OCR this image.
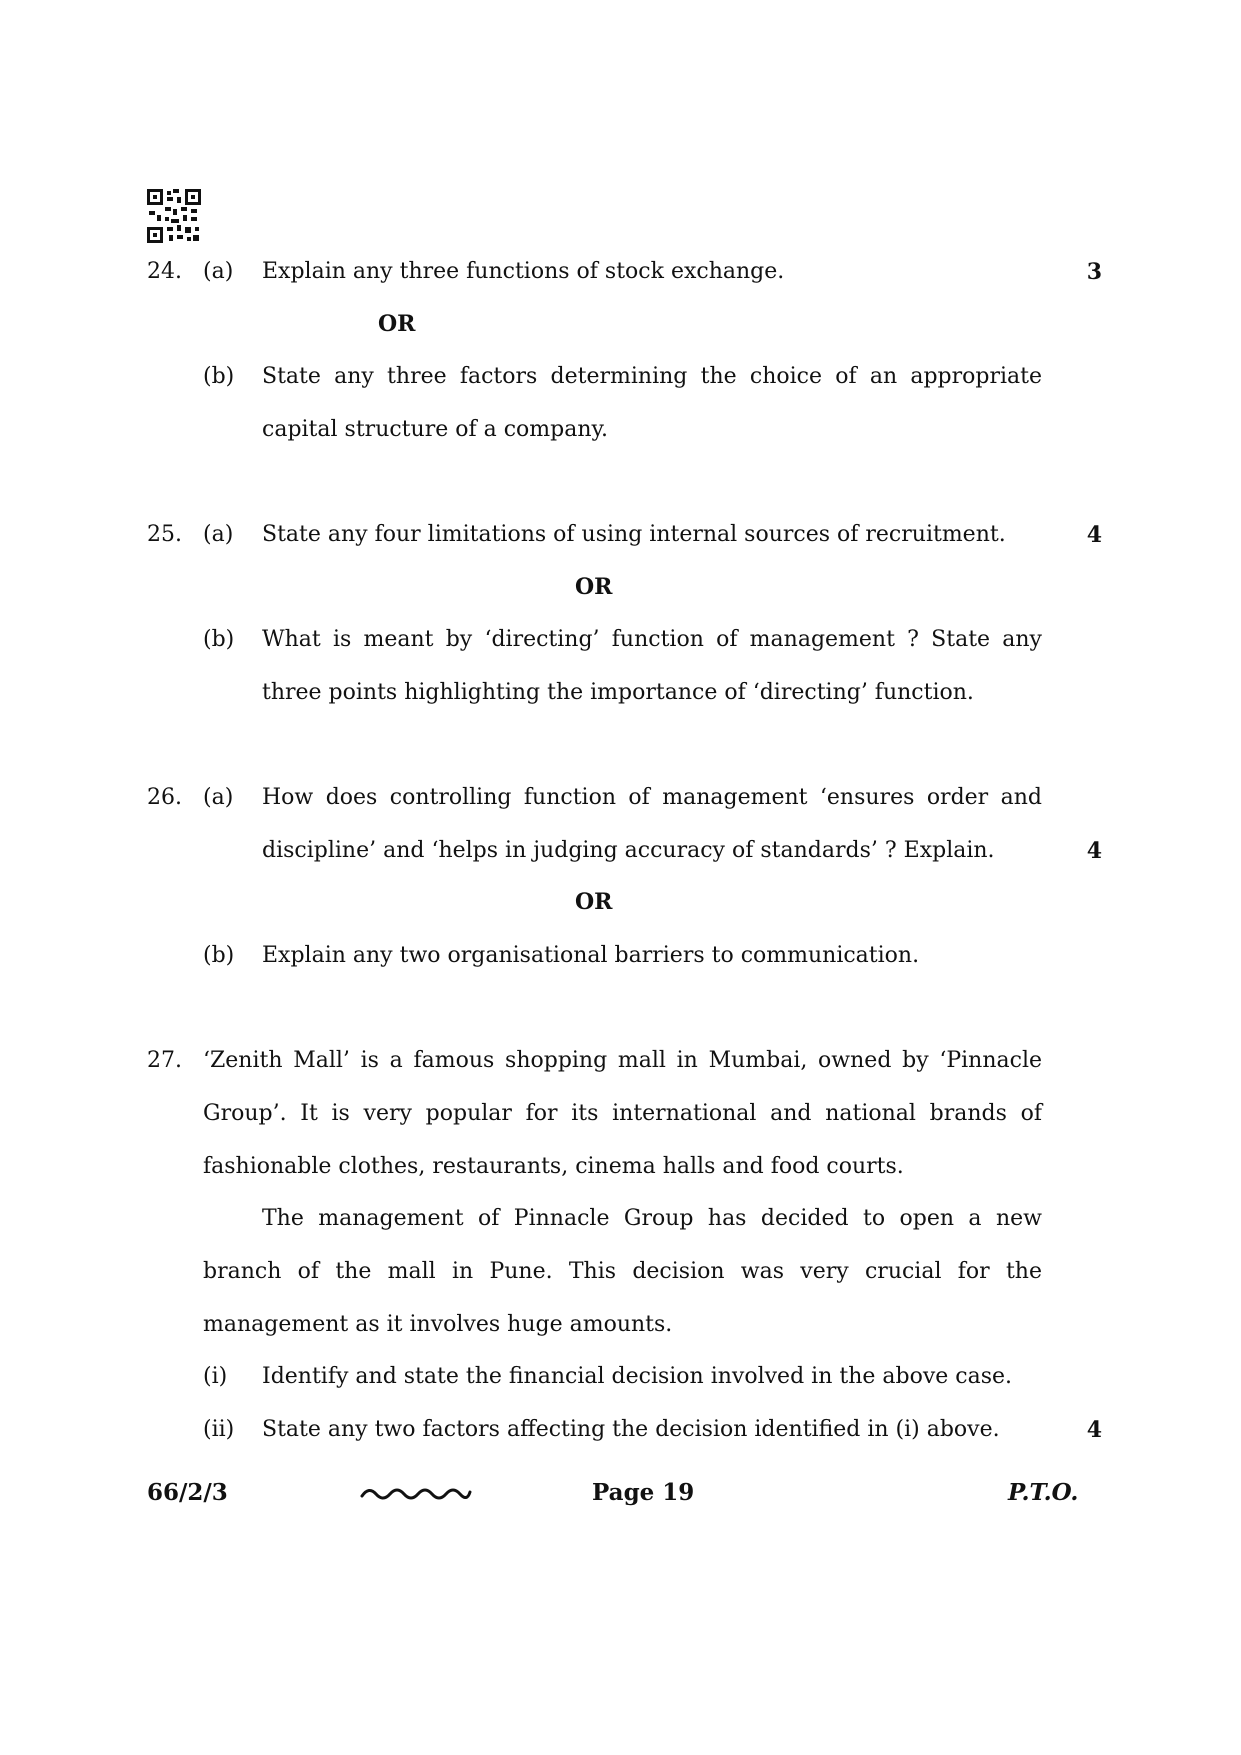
24. (a) Explain any three functions of stock exchange.	3
OR
(b) State any three factors determining the choice of an appropriate
capital structure of a company.
25. (a) State any four limitations of using internal sources of recruitment.	4
OR
(b) What is meant by ‘directing’ function of management ? State any
three points highlighting the importance of ‘directing’ function.
26. (a) How does controlling function of management ‘ensures order and
discipline’ and ‘helps in judging accuracy of standards’ ? Explain.	4
OR
(b) Explain any two organisational barriers to communication.
27. ‘Zenith Mall’ is a famous shopping mall in Mumbai, owned by ‘Pinnacle
Group’. It is very popular for its international and national brands of
fashionable clothes, restaurants, cinema halls and food courts.
The management of Pinnacle Group has decided to open a new
branch of the mall in Pune. This decision was very crucial for the
management as it involves huge amounts.
(i) Identify and state the financial decision involved in the above case.
(ii) State any two factors affecting the decision identified in (i) above.	4
66/2/3	Page 19	P.T.O.
